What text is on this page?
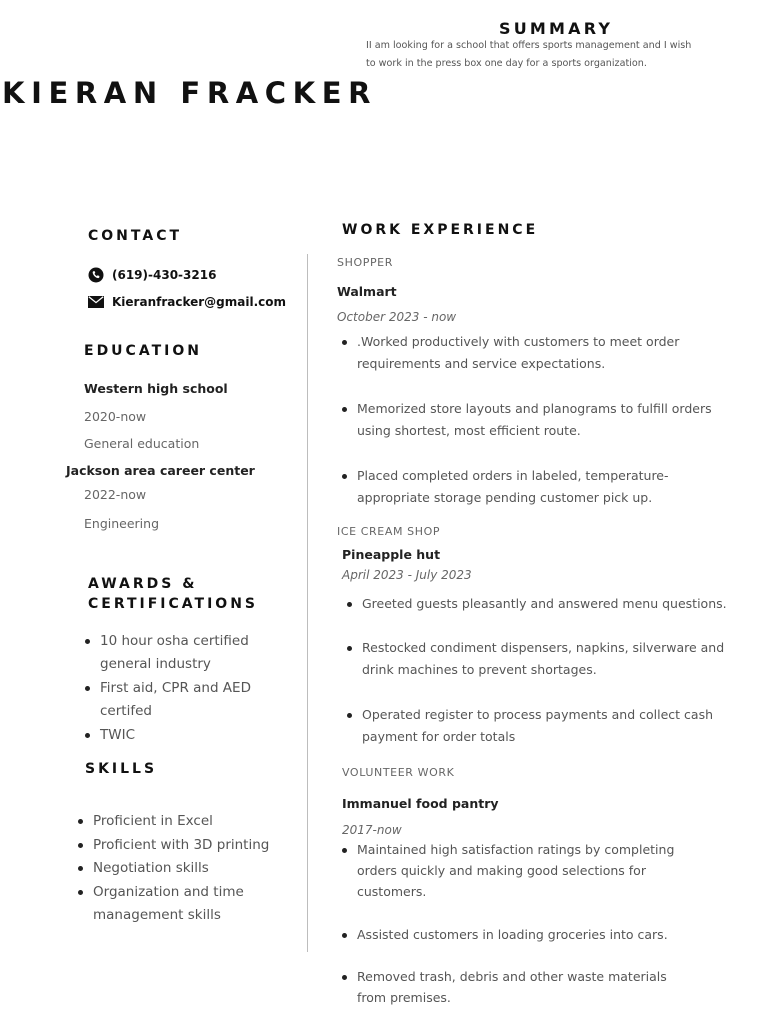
SUMMARY
II am looking for a school that offers sports management and I wish to work in the press box one day for a sports organization.
KIERAN FRACKER
CONTACT
(619)-430-3216
Kieranfracker@gmail.com
EDUCATION
Western high school
2020-now
General education
Jackson area career center
2022-now
Engineering
AWARDS &
CERTIFICATIONS
10 hour osha certified general industry
First aid, CPR and AED certifed
TWIC
SKILLS
Proficient in Excel
Proficient with 3D printing
Negotiation skills
Organization and time management skills
WORK EXPERIENCE
SHOPPER
Walmart
October 2023 - now
.Worked productively with customers to meet order requirements and service expectations.
Memorized store layouts and planograms to fulfill orders using shortest, most efficient route.
Placed completed orders in labeled, temperature-appropriate storage pending customer pick up.
ICE CREAM SHOP
Pineapple hut
April 2023 - July 2023
Greeted guests pleasantly and answered menu questions.
Restocked condiment dispensers, napkins, silverware and drink machines to prevent shortages.
Operated register to process payments and collect cash payment for order totals
VOLUNTEER WORK
Immanuel food pantry
2017-now
Maintained high satisfaction ratings by completing orders quickly and making good selections for customers.
Assisted customers in loading groceries into cars.
Removed trash, debris and other waste materials from premises.
